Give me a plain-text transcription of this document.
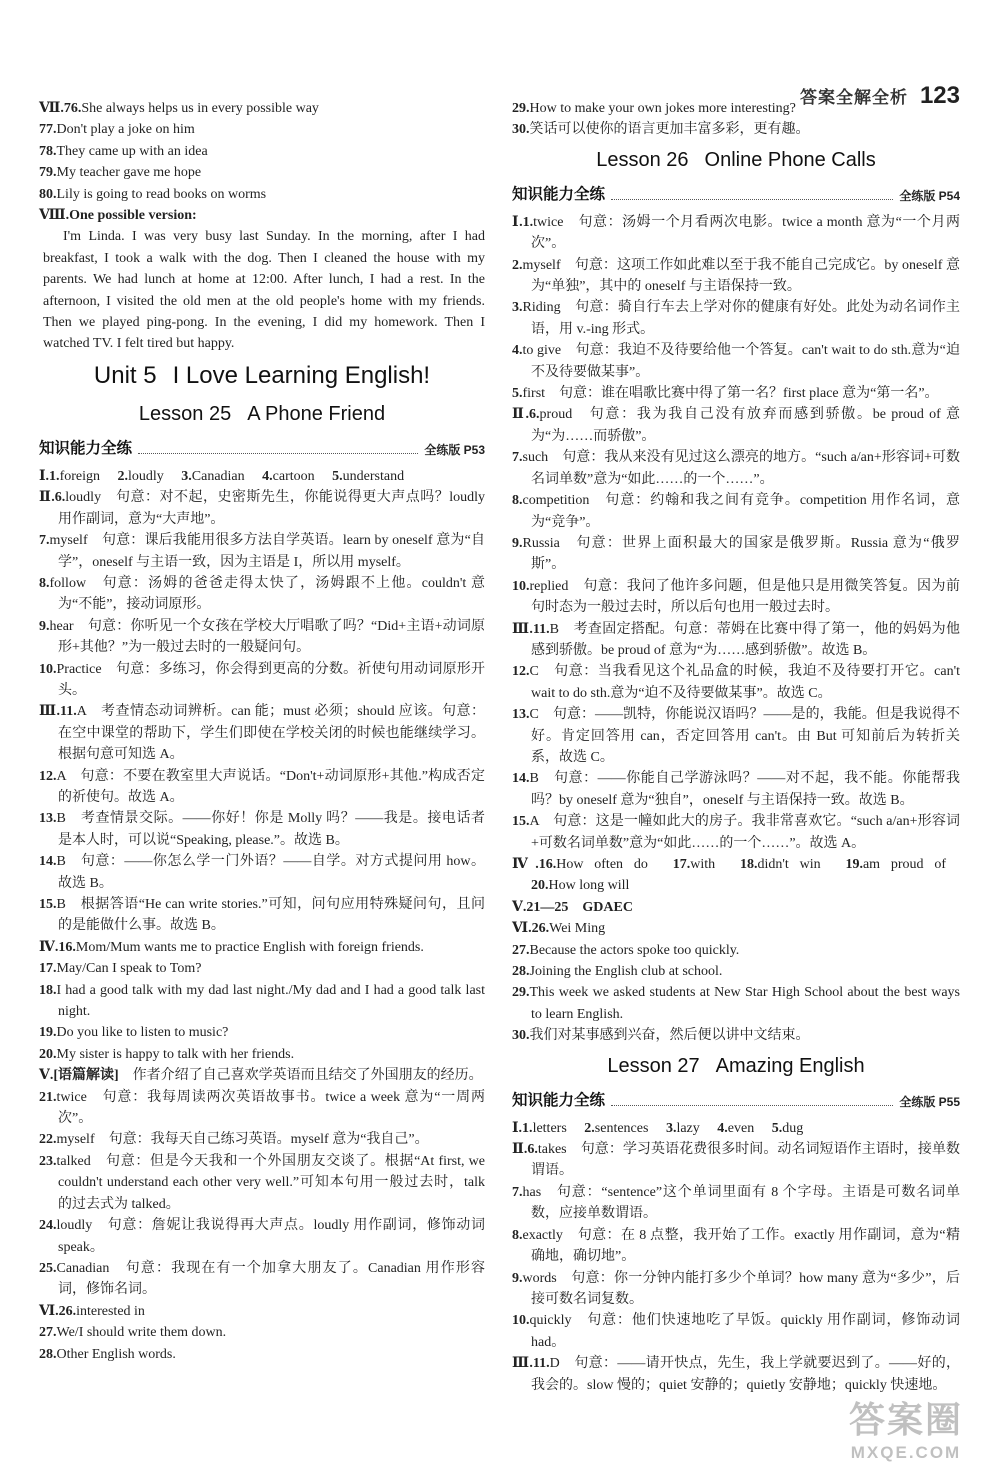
答案全解全析 123
Ⅶ.76.She always helps us in every possible way
77.Don't play a joke on him
78.They came up with an idea
79.My teacher gave me hope
80.Lily is going to read books on worms
Ⅷ.One possible version:
I'm Linda. I was very busy last Sunday. In the morning, after I had breakfast, I took a walk with the dog. Then I cleaned the house with my parents. We had lunch at home at 12:00. After lunch, I had a rest. In the afternoon, I visited the old men at the old people's home with my friends. Then we played ping-pong. In the evening, I did my homework. Then I watched TV. I felt tired but happy.
Unit 5 I Love Learning English!
Lesson 25 A Phone Friend
知识能力全练	全练版 P53
Ⅰ.1.foreign 2.loudly 3.Canadian 4.cartoon 5.understand
Ⅱ.6.loudly　句意：对不起，史密斯先生，你能说得更大声点吗？loudly 用作副词，意为“大声地”。
7.myself　句意：课后我能用很多方法自学英语。learn by oneself 意为“自学”，oneself 与主语一致，因为主语是 I，所以用 myself。
8.follow　句意：汤姆的爸爸走得太快了，汤姆跟不上他。couldn't 意为“不能”，接动词原形。
9.hear　句意：你听见一个女孩在学校大厅唱歌了吗？“Did+主语+动词原形+其他？”为一般过去时的一般疑问句。
10.Practice　句意：多练习，你会得到更高的分数。祈使句用动词原形开头。
Ⅲ.11.A　考查情态动词辨析。can 能；must 必须；should 应该。句意：在空中课堂的帮助下，学生们即使在学校关闭的时候也能继续学习。根据句意可知选 A。
12.A　句意：不要在教室里大声说话。“Don't+动词原形+其他.”构成否定的祈使句。故选 A。
13.B　考查情景交际。——你好！你是 Molly 吗？——我是。接电话者是本人时，可以说“Speaking, please.”。故选 B。
14.B　句意：——你怎么学一门外语？——自学。对方式提问用 how。故选 B。
15.B　根据答语“He can write stories.”可知，问句应用特殊疑问句，且问的是能做什么事。故选 B。
Ⅳ.16.Mom/Mum wants me to practice English with foreign friends.
17.May/Can I speak to Tom?
18.I had a good talk with my dad last night./My dad and I had a good talk last night.
19.Do you like to listen to music?
20.My sister is happy to talk with her friends.
Ⅴ.[语篇解读]　作者介绍了自己喜欢学英语而且结交了外国朋友的经历。
21.twice　句意：我每周读两次英语故事书。twice a week 意为“一周两次”。
22.myself　句意：我每天自己练习英语。myself 意为“我自己”。
23.talked　句意：但是今天我和一个外国朋友交谈了。根据“At first, we couldn't understand each other very well.”可知本句用一般过去时，talk 的过去式为 talked。
24.loudly　句意：詹妮让我说得再大声点。loudly 用作副词，修饰动词 speak。
25.Canadian　句意：我现在有一个加拿大朋友了。Canadian 用作形容词，修饰名词。
Ⅵ.26.interested in
27.We/I should write them down.
28.Other English words.
29.How to make your own jokes more interesting?
30.笑话可以使你的语言更加丰富多彩，更有趣。
Lesson 26 Online Phone Calls
知识能力全练	全练版 P54
Ⅰ.1.twice　句意：汤姆一个月看两次电影。twice a month 意为“一个月两次”。
2.myself　句意：这项工作如此难以至于我不能自己完成它。by oneself 意为“单独”，其中的 oneself 与主语保持一致。
3.Riding　句意：骑自行车去上学对你的健康有好处。此处为动名词作主语，用 v.-ing 形式。
4.to give　句意：我迫不及待要给他一个答复。can't wait to do sth.意为“迫不及待要做某事”。
5.first　句意：谁在唱歌比赛中得了第一名？first place 意为“第一名”。
Ⅱ.6.proud　句意：我为我自己没有放弃而感到骄傲。be proud of 意为“为……而骄傲”。
7.such　句意：我从来没有见过这么漂亮的地方。“such a/an+形容词+可数名词单数”意为“如此……的一个……”。
8.competition　句意：约翰和我之间有竞争。competition 用作名词，意为“竞争”。
9.Russia　句意：世界上面积最大的国家是俄罗斯。Russia 意为“俄罗斯”。
10.replied　句意：我问了他许多问题，但是他只是用微笑答复。因为前句时态为一般过去时，所以后句也用一般过去时。
Ⅲ.11.B　考查固定搭配。句意：蒂姆在比赛中得了第一，他的妈妈为他感到骄傲。be proud of 意为“为……感到骄傲”。故选 B。
12.C　句意：当我看见这个礼品盒的时候，我迫不及待要打开它。can't wait to do sth.意为“迫不及待要做某事”。故选 C。
13.C　句意：——凯特，你能说汉语吗？——是的，我能。但是我说得不好。肯定回答用 can，否定回答用 can't。由 But 可知前后为转折关系，故选 C。
14.B　句意：——你能自己学游泳吗？——对不起，我不能。你能帮我吗？by oneself 意为“独自”，oneself 与主语保持一致。故选 B。
15.A　句意：这是一幢如此大的房子。我非常喜欢它。“such a/an+形容词+可数名词单数”意为“如此……的一个……”。故选 A。
Ⅳ.16.How often do 17.with 18.didn't win 19.am proud of 20.How long will
Ⅴ.21—25　GDAEC
Ⅵ.26.Wei Ming
27.Because the actors spoke too quickly.
28.Joining the English club at school.
29.This week we asked students at New Star High School about the best ways to learn English.
30.我们对某事感到兴奋，然后便以讲中文结束。
Lesson 27 Amazing English
知识能力全练	全练版 P55
Ⅰ.1.letters 2.sentences 3.lazy 4.even 5.dug
Ⅱ.6.takes　句意：学习英语花费很多时间。动名词短语作主语时，接单数谓语。
7.has　句意：“sentence”这个单词里面有 8 个字母。主语是可数名词单数，应接单数谓语。
8.exactly　句意：在 8 点整，我开始了工作。exactly 用作副词，意为“精确地，确切地”。
9.words　句意：你一分钟内能打多少个单词？how many 意为“多少”，后接可数名词复数。
10.quickly　句意：他们快速地吃了早饭。quickly 用作副词，修饰动词 had。
Ⅲ.11.D　句意：——请开快点，先生，我上学就要迟到了。——好的，我会的。slow 慢的；quiet 安静的；quietly 安静地；quickly 快速地。
答案圈
MXQE.COM
